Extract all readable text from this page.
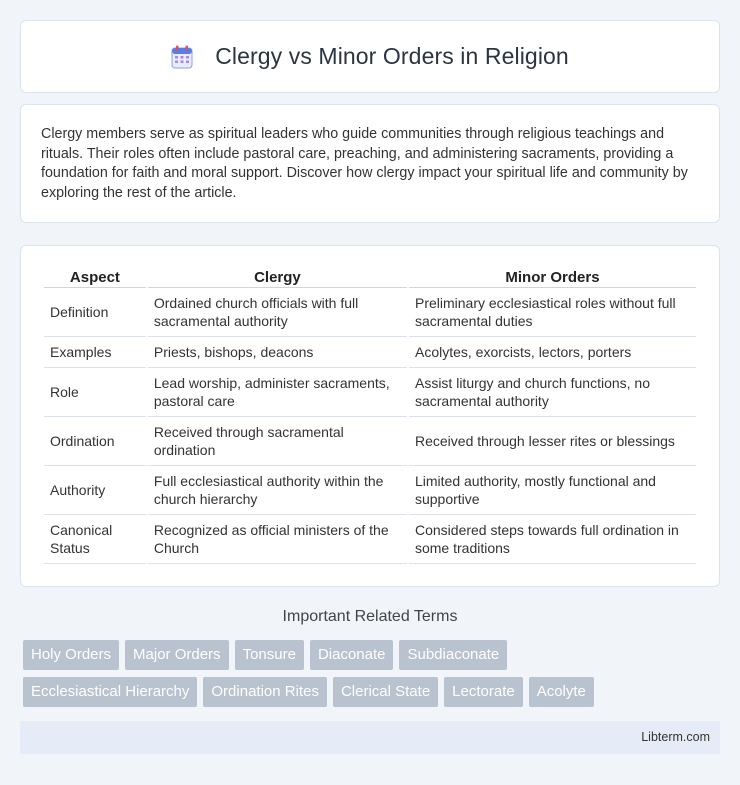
Clergy vs Minor Orders in Religion

Clergy members serve as spiritual leaders who guide communities through religious teachings and rituals. Their roles often include pastoral care, preaching, and administering sacraments, providing a foundation for faith and moral support. Discover how clergy impact your spiritual life and community by exploring the rest of the article.

Aspect	Clergy	Minor Orders
Definition	Ordained church officials with full sacramental authority	Preliminary ecclesiastical roles without full sacramental duties
Examples	Priests, bishops, deacons	Acolytes, exorcists, lectors, porters
Role	Lead worship, administer sacraments, pastoral care	Assist liturgy and church functions, no sacramental authority
Ordination	Received through sacramental ordination	Received through lesser rites or blessings
Authority	Full ecclesiastical authority within the church hierarchy	Limited authority, mostly functional and supportive
Canonical Status	Recognized as official ministers of the Church	Considered steps towards full ordination in some traditions
Important Related Terms
Holy Orders	Major Orders	Tonsure	Diaconate	Subdiaconate
Ecclesiastical Hierarchy	Ordination Rites	Clerical State	Lectorate	Acolyte
Libterm.com
